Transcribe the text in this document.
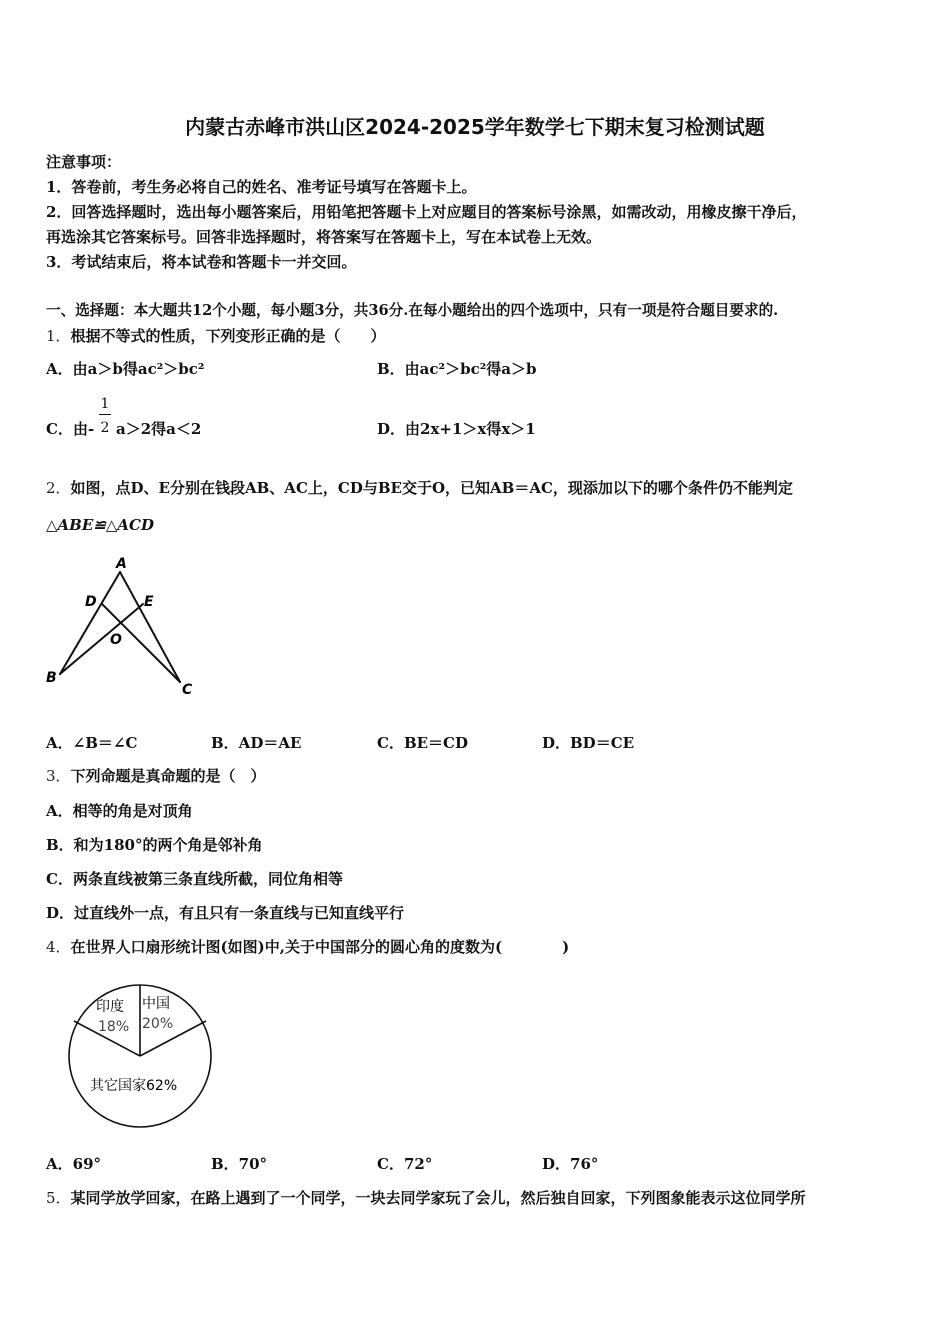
内蒙古赤峰市洪山区2024-2025学年数学七下期末复习检测试题
注意事项：
1．答卷前，考生务必将自己的姓名、准考证号填写在答题卡上。
2．回答选择题时，选出每小题答案后，用铅笔把答题卡上对应题目的答案标号涂黑，如需改动，用橡皮擦干净后，
再选涂其它答案标号。回答非选择题时，将答案写在答题卡上，写在本试卷上无效。
3．考试结束后，将本试卷和答题卡一并交回。
一、选择题：本大题共12个小题，每小题3分，共36分.在每小题给出的四个选项中，只有一项是符合题目要求的.
1．根据不等式的性质，下列变形正确的是（　　）
A．由a＞b得ac²＞bc²	B．由ac²＞bc²得a＞b
C．由-
1
2 a＞2得a＜2	D．由2x+1＞x得x＞1
2．如图，点D、E分别在钱段AB、AC上，CD与BE交于O，已知AB＝AC，现添加以下的哪个条件仍不能判定
△ABE≌△ACD
A
B
C
D	E
O
A．∠B＝∠C	B．AD＝AE	C．BE＝CD	D．BD＝CE
3．下列命题是真命题的是（　）
A．相等的角是对顶角
B．和为180°的两个角是邻补角
C．两条直线被第三条直线所截，同位角相等
D．过直线外一点，有且只有一条直线与已知直线平行
4．在世界人口扇形统计图(如图)中,关于中国部分的圆心角的度数为(　　　　)
印度
18%
中国
20%
其它国家62%
A．69°	B．70°	C．72°	D．76°
5．某同学放学回家，在路上遇到了一个同学，一块去同学家玩了会儿，然后独自回家，下列图象能表示这位同学所
